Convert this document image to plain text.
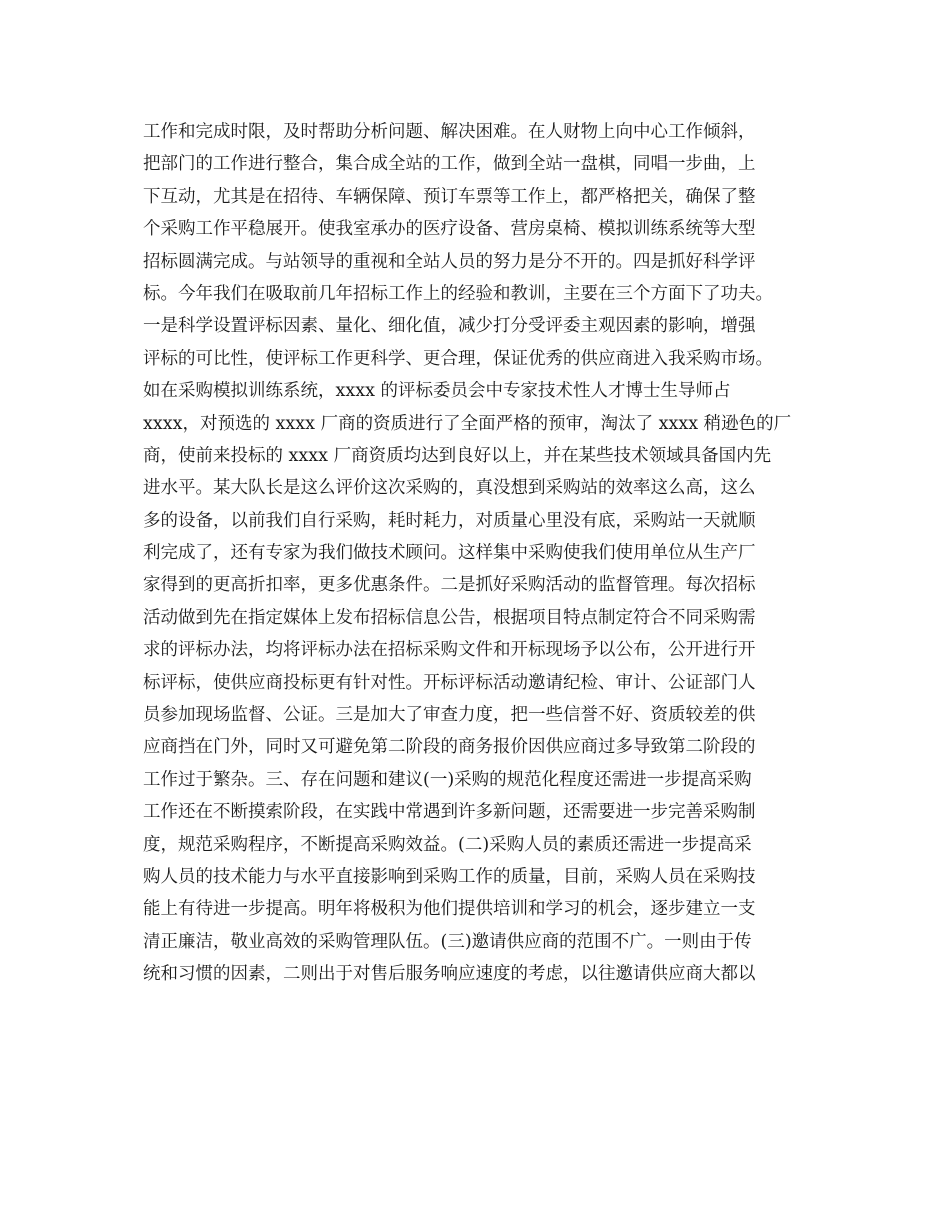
工作和完成时限，及时帮助分析问题、解决困难。在人财物上向中心工作倾斜，
把部门的工作进行整合，集合成全站的工作，做到全站一盘棋，同唱一步曲，上
下互动，尤其是在招待、车辆保障、预订车票等工作上，都严格把关，确保了整
个采购工作平稳展开。使我室承办的医疗设备、营房桌椅、模拟训练系统等大型
招标圆满完成。与站领导的重视和全站人员的努力是分不开的。四是抓好科学评
标。今年我们在吸取前几年招标工作上的经验和教训，主要在三个方面下了功夫。
一是科学设置评标因素、量化、细化值，减少打分受评委主观因素的影响，增强
评标的可比性，使评标工作更科学、更合理，保证优秀的供应商进入我采购市场。
如在采购模拟训练系统，xxxx 的评标委员会中专家技术性人才博士生导师占
xxxx，对预选的 xxxx 厂商的资质进行了全面严格的预审，淘汰了 xxxx 稍逊色的厂
商，使前来投标的 xxxx 厂商资质均达到良好以上，并在某些技术领域具备国内先
进水平。某大队长是这么评价这次采购的，真没想到采购站的效率这么高，这么
多的设备，以前我们自行采购，耗时耗力，对质量心里没有底，采购站一天就顺
利完成了，还有专家为我们做技术顾问。这样集中采购使我们使用单位从生产厂
家得到的更高折扣率，更多优惠条件。二是抓好采购活动的监督管理。每次招标
活动做到先在指定媒体上发布招标信息公告，根据项目特点制定符合不同采购需
求的评标办法，均将评标办法在招标采购文件和开标现场予以公布，公开进行开
标评标，使供应商投标更有针对性。开标评标活动邀请纪检、审计、公证部门人
员参加现场监督、公证。三是加大了审查力度，把一些信誉不好、资质较差的供
应商挡在门外，同时又可避免第二阶段的商务报价因供应商过多导致第二阶段的
工作过于繁杂。三、存在问题和建议(一)采购的规范化程度还需进一步提高采购
工作还在不断摸索阶段，在实践中常遇到许多新问题，还需要进一步完善采购制
度，规范采购程序，不断提高采购效益。(二)采购人员的素质还需进一步提高采
购人员的技术能力与水平直接影响到采购工作的质量，目前，采购人员在采购技
能上有待进一步提高。明年将极积为他们提供培训和学习的机会，逐步建立一支
清正廉洁，敬业高效的采购管理队伍。(三)邀请供应商的范围不广。一则由于传
统和习惯的因素，二则出于对售后服务响应速度的考虑，以往邀请供应商大都以
